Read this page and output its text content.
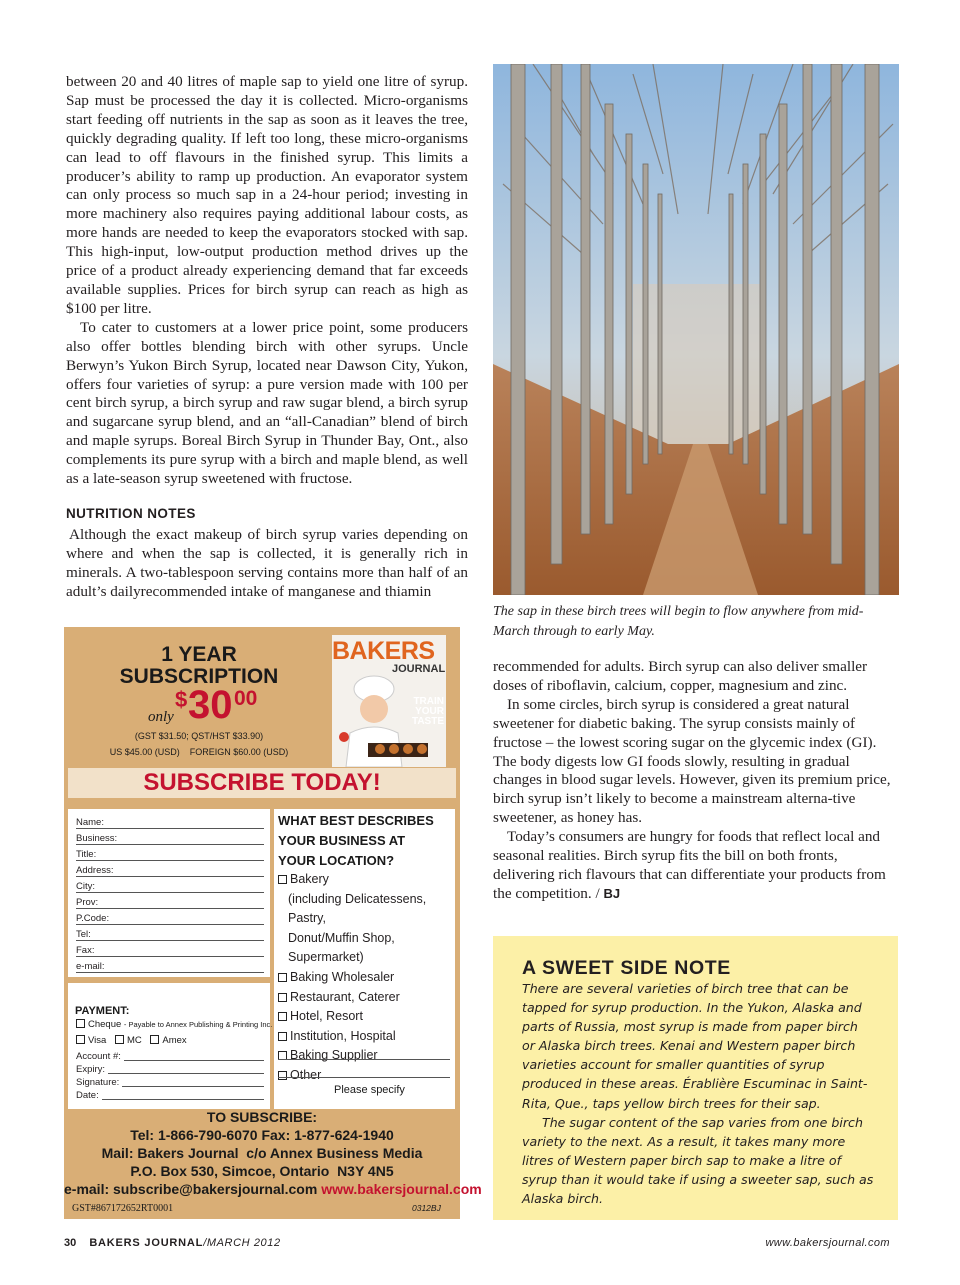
between 20 and 40 litres of maple sap to yield one litre of syrup. Sap must be processed the day it is collected. Micro-organisms start feeding off nutrients in the sap as soon as it leaves the tree, quickly degrading quality. If left too long, these micro-organisms can lead to off flavours in the finished syrup. This limits a producer’s ability to ramp up production. An evaporator system can only process so much sap in a 24-hour period; investing in more machinery also requires paying additional labour costs, as more hands are needed to keep the evaporators stocked with sap. This high-input, low-output production method drives up the price of a product already experiencing demand that far exceeds available supplies. Prices for birch syrup can reach as high as $100 per litre.

To cater to customers at a lower price point, some producers also offer bottles blending birch with other syrups. Uncle Berwyn’s Yukon Birch Syrup, located near Dawson City, Yukon, offers four varieties of syrup: a pure version made with 100 per cent birch syrup, a birch syrup and raw sugar blend, a birch syrup and sugarcane syrup blend, and an “all-Canadian” blend of birch and maple syrups. Boreal Birch Syrup in Thunder Bay, Ont., also complements its pure syrup with a birch and maple blend, as well as a late-season syrup sweetened with fructose.

NUTRITION NOTES

Although the exact makeup of birch syrup varies depending on where and when the sap is collected, it is generally rich in minerals. A two-tablespoon serving contains more than half of an adult’s dailyrecommended intake of manganese and thiamin

The sap in these birch trees will begin to flow anywhere from mid-March through to early May.

recommended for adults. Birch syrup can also deliver smaller doses of riboflavin, calcium, copper, magnesium and zinc.

In some circles, birch syrup is considered a great natural sweetener for diabetic baking. The syrup consists mainly of fructose – the lowest scoring sugar on the glycemic index (GI). The body digests low GI foods slowly, resulting in gradual changes in blood sugar levels. However, given its premium price, birch syrup isn’t likely to become a mainstream alterna-tive sweetener, as honey has.

Today’s consumers are hungry for foods that reflect local and seasonal realities. Birch syrup fits the bill on both fronts, delivering rich flavours that can differentiate your products from the competition. / BJ

1 YEAR
SUBSCRIPTION
only
$ 30 00
(GST $31.50; QST/HST $33.90)
US $45.00 (USD)    FOREIGN $60.00 (USD)
BAKERS
JOURNAL
TRAIN YOUR TASTE
SUBSCRIBE TODAY!
Name:
Business:
Title:
Address:
City:
Prov:
P.Code:
Tel:
Fax:
e-mail:
PAYMENT:
Cheque - Payable to Annex Publishing & Printing Inc.
Visa MC Amex
Account #:
Expiry:
Signature:
Date:
WHAT BEST DESCRIBES
YOUR BUSINESS AT
YOUR LOCATION?
Bakery
(including Delicatessens, Pastry,
Donut/Muffin Shop, Supermarket)
Baking Wholesaler
Restaurant, Caterer
Hotel, Resort
Institution, Hospital
Baking Supplier
Other
Please specify
TO SUBSCRIBE:
Tel: 1-866-790-6070 Fax: 1-877-624-1940
Mail: Bakers Journal  c/o Annex Business Media
P.O. Box 530, Simcoe, Ontario  N3Y 4N5
e-mail: subscribe@bakersjournal.com www.bakersjournal.com
GST#867172652RT0001	0312BJ
A SWEET SIDE NOTE
There are several varieties of birch tree that can be tapped for syrup production. In the Yukon, Alaska and parts of Russia, most syrup is made from paper birch or Alaska birch trees. Kenai and Western paper birch varieties account for smaller quantities of syrup produced in these areas. Érablière Escuminac in Saint-Rita, Que., taps yellow birch trees for their sap.
The sugar content of the sap varies from one birch variety to the next. As a result, it takes many more litres of Western paper birch sap to make a litre of syrup than it would take if using a sweeter sap, such as Alaska birch.
30 BAKERS JOURNAL/MARCH 2012	www.bakersjournal.com
